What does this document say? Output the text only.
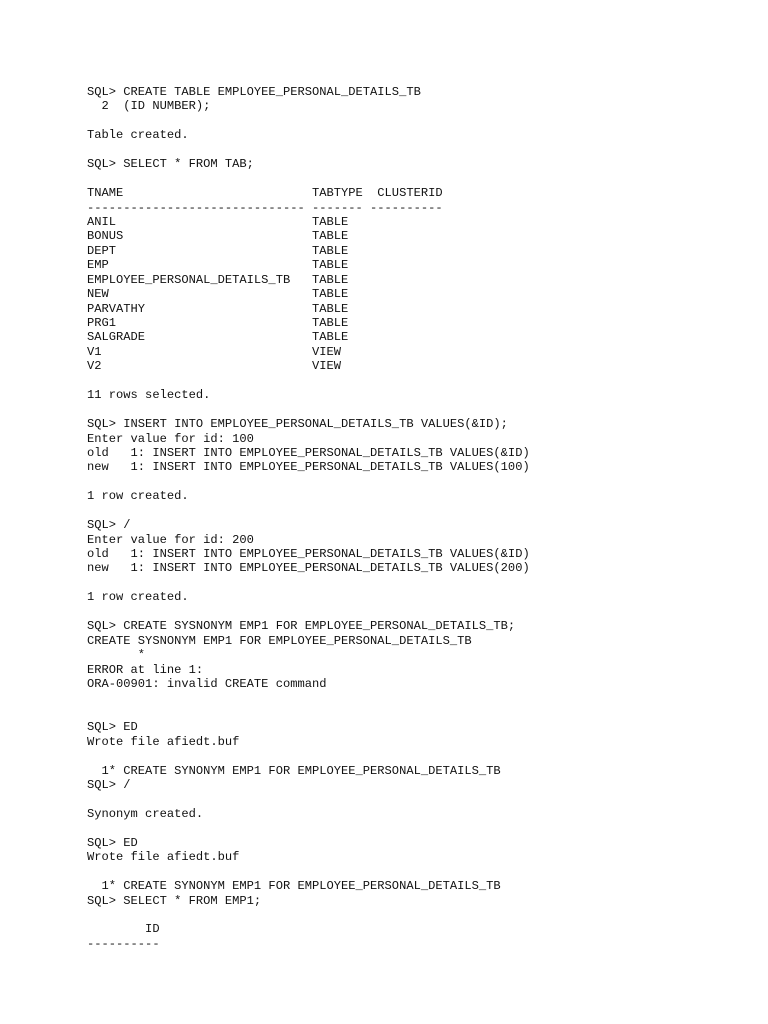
SQL> CREATE TABLE EMPLOYEE_PERSONAL_DETAILS_TB
2  (ID NUMBER);
Table created.
SQL> SELECT * FROM TAB;
TNAME                          TABTYPE  CLUSTERID
------------------------------ ------- ----------
ANIL                           TABLE
BONUS                          TABLE
DEPT                           TABLE
EMP                            TABLE
EMPLOYEE_PERSONAL_DETAILS_TB   TABLE
NEW                            TABLE
PARVATHY                       TABLE
PRG1                           TABLE
SALGRADE                       TABLE
V1                             VIEW
V2                             VIEW
11 rows selected.
SQL> INSERT INTO EMPLOYEE_PERSONAL_DETAILS_TB VALUES(&ID);
Enter value for id: 100
old   1: INSERT INTO EMPLOYEE_PERSONAL_DETAILS_TB VALUES(&ID)
new   1: INSERT INTO EMPLOYEE_PERSONAL_DETAILS_TB VALUES(100)
1 row created.
SQL> /
Enter value for id: 200
old   1: INSERT INTO EMPLOYEE_PERSONAL_DETAILS_TB VALUES(&ID)
new   1: INSERT INTO EMPLOYEE_PERSONAL_DETAILS_TB VALUES(200)
1 row created.
SQL> CREATE SYSNONYM EMP1 FOR EMPLOYEE_PERSONAL_DETAILS_TB;
CREATE SYSNONYM EMP1 FOR EMPLOYEE_PERSONAL_DETAILS_TB
*
ERROR at line 1:
ORA-00901: invalid CREATE command
SQL> ED
Wrote file afiedt.buf
1* CREATE SYNONYM EMP1 FOR EMPLOYEE_PERSONAL_DETAILS_TB
SQL> /
Synonym created.
SQL> ED
Wrote file afiedt.buf
1* CREATE SYNONYM EMP1 FOR EMPLOYEE_PERSONAL_DETAILS_TB
SQL> SELECT * FROM EMP1;
ID
----------
